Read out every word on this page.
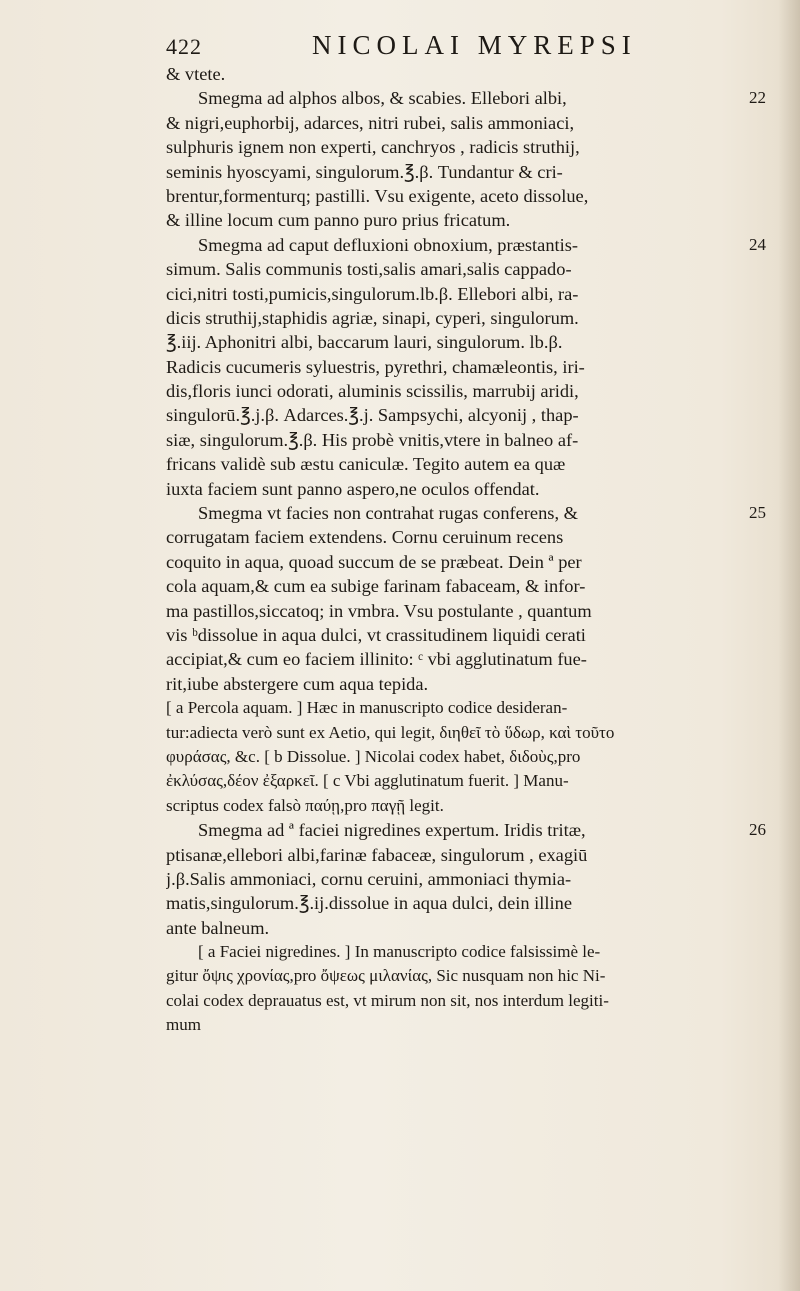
422	NICOLAI MYREPSI
& vtete.
Smegma ad alphos albos, & scabies. Ellebori albi,
& nigri,euphorbij, adarces, nitri rubei, salis ammoniaci,
sulphuris ignem non experti, canchryos , radicis struthij,
seminis hyoscyami, singulorum.℥.β. Tundantur & cri-
brentur,formenturq; pastilli. Vsu exigente, aceto dissolue,
& illine locum cum panno puro prius fricatum.
22
Smegma ad caput defluxioni obnoxium, præstantis-
simum. Salis communis tosti,salis amari,salis cappado-
cici,nitri tosti,pumicis,singulorum.lb.β. Ellebori albi, ra-
dicis struthij,staphidis agriæ, sinapi, cyperi, singulorum.
℥.iij. Aphonitri albi, baccarum lauri, singulorum. lb.β.
Radicis cucumeris syluestris, pyrethri, chamæleontis, iri-
dis,floris iunci odorati, aluminis scissilis, marrubij aridi,
singulorū.℥.j.β. Adarces.℥.j. Sampsychi, alcyonij , thap-
siæ, singulorum.℥.β. His probè vnitis,vtere in balneo af-
fricans validè sub æstu caniculæ. Tegito autem ea quæ
iuxta faciem sunt panno aspero,ne oculos offendat.
24
Smegma vt facies non contrahat rugas conferens, &
corrugatam faciem extendens. Cornu ceruinum recens
coquito in aqua, quoad succum de se præbeat. Dein ª per
cola aquam,& cum ea subige farinam fabaceam, & infor-
ma pastillos,siccatoq; in vmbra. Vsu postulante , quantum
vis ᵇdissolue in aqua dulci, vt crassitudinem liquidi cerati
accipiat,& cum eo faciem illinito: ᶜ vbi agglutinatum fue-
rit,iube abstergere cum aqua tepida.
25
[ a Percola aquam. ] Hæc in manuscripto codice desideran-
tur:adiecta verò sunt ex Aetio, qui legit, διηθεῖ τὸ ὕδωρ, καὶ τοῦτο
φυράσας, &c. [ b Dissolue. ] Nicolai codex habet, διδοὺς,pro
ἐκλύσας,δέον ἐξαρκεῖ. [ c Vbi agglutinatum fuerit. ] Manu-
scriptus codex falsò παύῃ,pro παγῇ legit.
Smegma ad ª faciei nigredines expertum. Iridis tritæ,
ptisanæ,ellebori albi,farinæ fabaceæ, singulorum , exagiū
j.β.Salis ammoniaci, cornu ceruini, ammoniaci thymia-
matis,singulorum.℥.ij.dissolue in aqua dulci, dein illine
ante balneum.
26
[ a Faciei nigredines. ] In manuscripto codice falsissimè le-
gitur ὄψις χρονίας,pro ὄψεως μιλανίας, Sic nusquam non hic Ni-
colai codex deprauatus est, vt mirum non sit, nos interdum legiti-
mum
